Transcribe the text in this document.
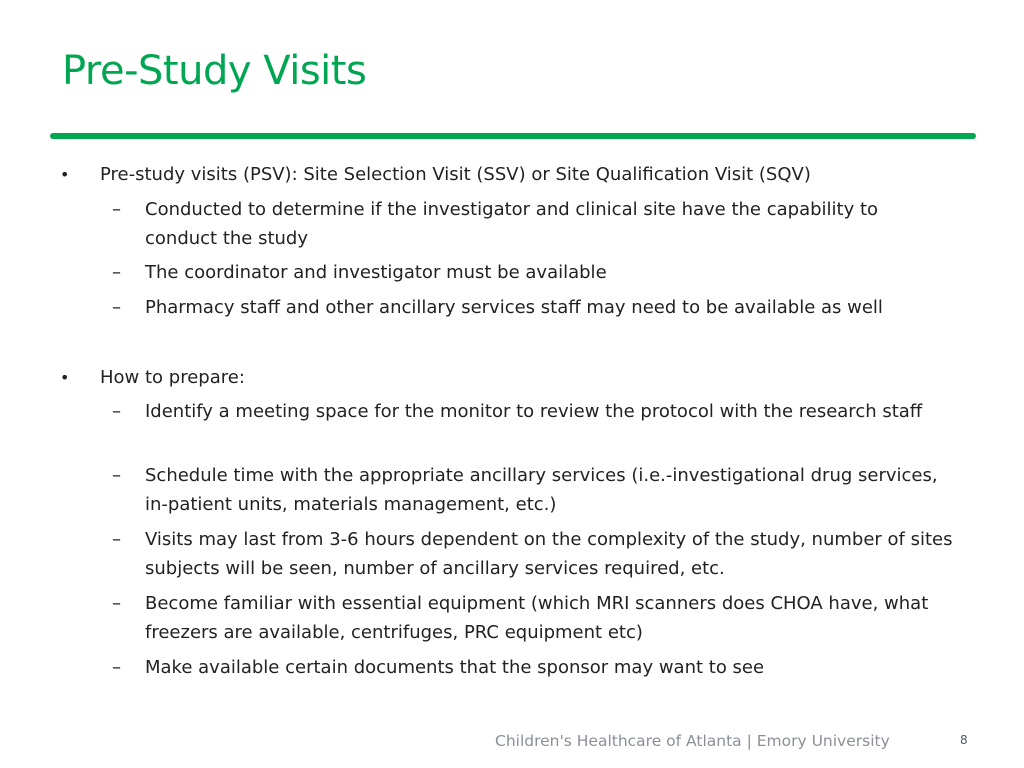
Pre-Study Visits
• Pre-study visits (PSV): Site Selection Visit (SSV) or Site Qualification Visit (SQV)
– Conducted to determine if the investigator and clinical site have the capability to conduct the study
– The coordinator and investigator must be available
– Pharmacy staff and other ancillary services staff may need to be available as well
• How to prepare:
– Identify a meeting space for the monitor to review the protocol with the research staff
– Schedule time with the appropriate ancillary services (i.e.-investigational drug services, in-patient units, materials management, etc.)
– Visits may last from 3-6 hours dependent on the complexity of the study, number of sites subjects will be seen, number of ancillary services required, etc.
– Become familiar with essential equipment (which MRI scanners does CHOA have, what freezers are available, centrifuges, PRC equipment etc)
– Make available certain documents that the sponsor may want to see
Children's Healthcare of Atlanta | Emory University	8
